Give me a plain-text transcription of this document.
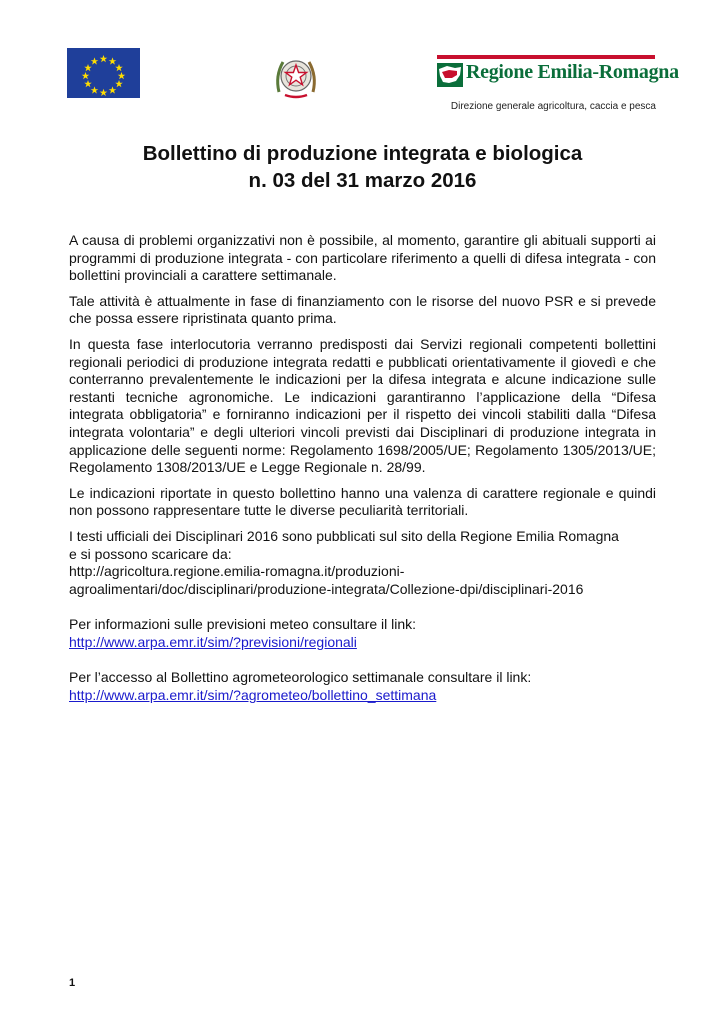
Regione Emilia-Romagna
Direzione generale agricoltura, caccia e pesca
Bollettino di produzione integrata e biologica
n. 03 del 31 marzo 2016

A causa di problemi organizzativi non è possibile, al momento, garantire gli abituali supporti ai programmi di produzione integrata - con particolare riferimento a quelli di difesa integrata - con bollettini provinciali a carattere settimanale.

Tale attività è attualmente in fase di finanziamento con le risorse del nuovo PSR e si prevede che possa essere ripristinata quanto prima.

In questa fase interlocutoria verranno predisposti dai Servizi regionali competenti bollettini regionali periodici di produzione integrata redatti e pubblicati orientativamente il giovedì e che conterranno prevalentemente le indicazioni per la difesa integrata e alcune indicazione sulle restanti tecniche agronomiche. Le indicazioni garantiranno l’applicazione della “Difesa integrata obbligatoria” e forniranno indicazioni per il rispetto dei vincoli stabiliti dalla “Difesa integrata volontaria” e degli ulteriori vincoli previsti dai Disciplinari di produzione integrata in applicazione delle seguenti norme: Regolamento 1698/2005/UE; Regolamento 1305/2013/UE; Regolamento 1308/2013/UE e Legge Regionale n. 28/99.

Le indicazioni riportate in questo bollettino hanno una valenza di carattere regionale e quindi non possono rappresentare tutte le diverse peculiarità territoriali.

I testi ufficiali dei Disciplinari 2016 sono pubblicati sul sito della Regione Emilia Romagna
e si possono scaricare da:
http://agricoltura.regione.emilia-romagna.it/produzioni-
agroalimentari/doc/disciplinari/produzione-integrata/Collezione-dpi/disciplinari-2016

Per informazioni sulle previsioni meteo consultare il link:
http://www.arpa.emr.it/sim/?previsioni/regionali

Per l’accesso al Bollettino agrometeorologico settimanale consultare il link:
http://www.arpa.emr.it/sim/?agrometeo/bollettino_settimana

1
